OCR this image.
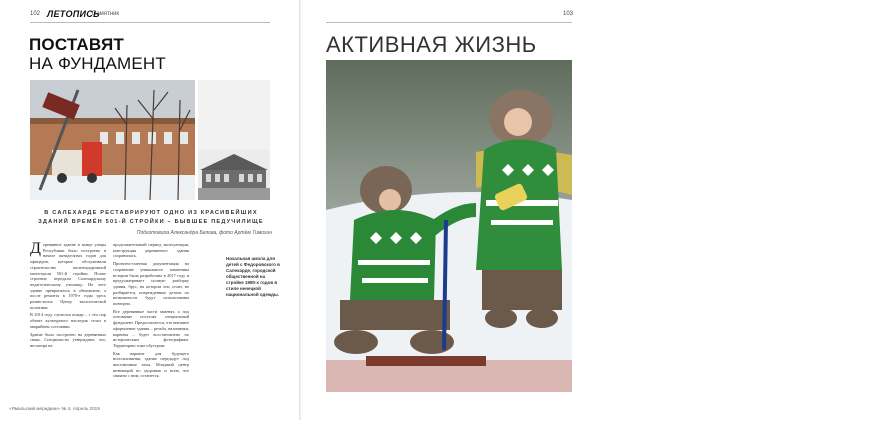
102 ЛЕТОПИСЬ
Памятник
ПОСТАВЯТ
НА ФУНДАМЕНТ
В САЛЕХАРДЕ РЕСТАВРИРУЮТ ОДНО ИЗ КРАСИВЕЙШИХ ЗДАНИЙ ВРЕМЁН 501-Й СТРОЙКИ – БЫВШЕЕ ПЕДУЧИЛИЩЕ
Подготовила Александра Белова, фото Артём Тимохин
Д еревянное здание в конце улицы Республики было построено в начале пятидесятых годов для офицеров, которые обслуживали строительство железнодорожной магистрали 501-й стройки. Позже строение передали Салехардскому педагогическому училищу. На лето здание превратилось в общежитие, а после ремонта в 1970-е годы здесь разместился Центр экологической политики.

В 2014 году случился пожар – с тех пор объект культурного наследия стоял в аварийном состоянии.

Здание было построено на деревянных сваях. Специалисты утверждают, что, несмотря на

продолжительный период эксплуатации, конструкция деревянного здания сохранилась.

Проектно-сметная документация на сохранение уникального памятника истории была разработана в 2017 году и предусматривает полную разборку здания, брус, на котором оно стоит, не разбирается, поврежденные детали по возможности будут использованы повторно.

Все деревянные части заменят, а под основание постелят специальный фундамент. Предполагается, что внешнее оформление здания – резьба, наличники, карнизы – будет восстановлено по историческим фотографиям. Территорию тоже обустроят.

Как вариант для будущего использования, здание передадут под выставочные залы. Младший центр инноваций по здоровью и всем, что связано с ним, останется.

Начальная школа для детей с Федоровского в Салехарде, городской общественной на стройке 1980-х годов в стиле ненецкой национальной одежды.
«Ямальский меридиан» № 4, Апрель 2019
103
АКТИВНАЯ ЖИЗНЬ
Фото: Юлия Мирошникова
